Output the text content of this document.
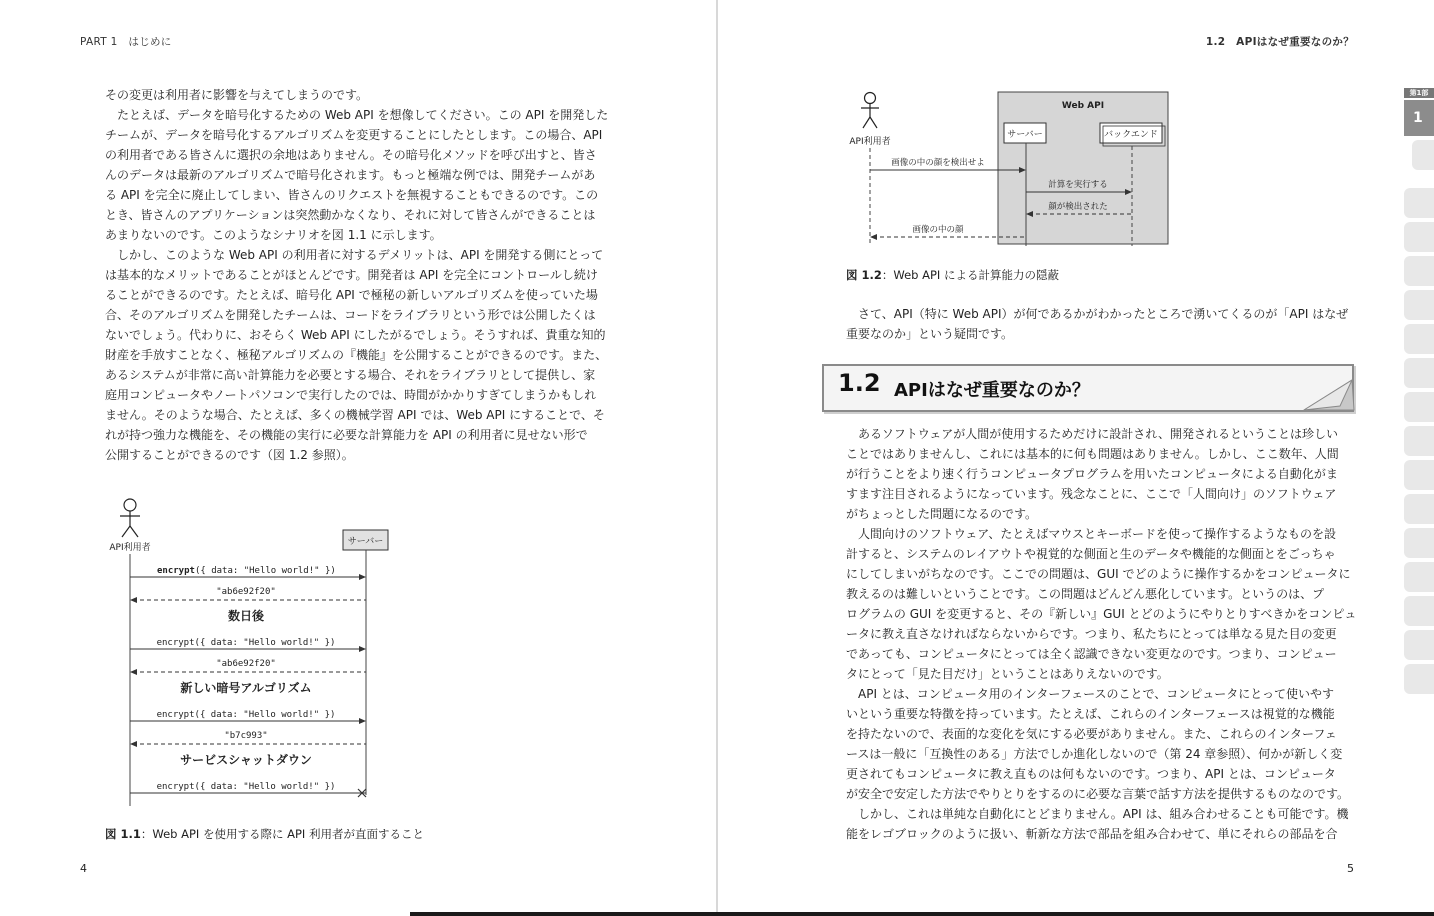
PART 1　はじめに

その変更は利用者に影響を与えてしまうのです。

　たとえば、データを暗号化するための Web API を想像してください。この API を開発した

チームが、データを暗号化するアルゴリズムを変更することにしたとします。この場合、API

の利用者である皆さんに選択の余地はありません。その暗号化メソッドを呼び出すと、皆さ

んのデータは最新のアルゴリズムで暗号化されます。もっと極端な例では、開発チームがあ

る API を完全に廃止してしまい、皆さんのリクエストを無視することもできるのです。この

とき、皆さんのアプリケーションは突然動かなくなり、それに対して皆さんができることは

あまりないのです。このようなシナリオを図 1.1 に示します。

　しかし、このような Web API の利用者に対するデメリットは、API を開発する側にとって

は基本的なメリットであることがほとんどです。開発者は API を完全にコントロールし続け

ることができるのです。たとえば、暗号化 API で極秘の新しいアルゴリズムを使っていた場

合、そのアルゴリズムを開発したチームは、コードをライブラリという形では公開したくは

ないでしょう。代わりに、おそらく Web API にしたがるでしょう。そうすれば、貴重な知的

財産を手放すことなく、極秘アルゴリズムの『機能』を公開することができるのです。また、

あるシステムが非常に高い計算能力を必要とする場合、それをライブラリとして提供し、家

庭用コンピュータやノートパソコンで実行したのでは、時間がかかりすぎてしまうかもしれ

ません。そのような場合、たとえば、多くの機械学習 API では、Web API にすることで、そ

れが持つ強力な機能を、その機能の実行に必要な計算能力を API の利用者に見せない形で

公開することができるのです（図 1.2 参照）。

API利用者
サーバー
encrypt({ data: "Hello world!" })
"ab6e92f20"
数日後
encrypt({ data: "Hello world!" })
"ab6e92f20"
新しい暗号アルゴリズム
encrypt({ data: "Hello world!" })
"b7c993"
サービスシャットダウン
encrypt({ data: "Hello world!" })
図 1.1：Web API を使用する際に API 利用者が直面すること
4
1.2　APIはなぜ重要なのか？
Web API
API利用者
サーバー	バックエンド
画像の中の顔を検出せよ
計算を実行する
顔が検出された
画像の中の顔
図 1.2：Web API による計算能力の隠蔽

　さて、API（特に Web API）が何であるかがわかったところで湧いてくるのが「API はなぜ

重要なのか」という疑問です。

1.2 APIはなぜ重要なのか？

　あるソフトウェアが人間が使用するためだけに設計され、開発されるということは珍しい

ことではありませんし、これには基本的に何も問題はありません。しかし、ここ数年、人間

が行うことをより速く行うコンピュータプログラムを用いたコンピュータによる自動化がま

すます注目されるようになっています。残念なことに、ここで「人間向け」のソフトウェア

がちょっとした問題になるのです。

　人間向けのソフトウェア、たとえばマウスとキーボードを使って操作するようなものを設

計すると、システムのレイアウトや視覚的な側面と生のデータや機能的な側面とをごっちゃ

にしてしまいがちなのです。ここでの問題は、GUI でどのように操作するかをコンピュータに

教えるのは難しいということです。この問題はどんどん悪化しています。というのは、プ

ログラムの GUI を変更すると、その『新しい』GUI とどのようにやりとりすべきかをコンピュ

ータに教え直さなければならないからです。つまり、私たちにとっては単なる見た目の変更

であっても、コンピュータにとっては全く認識できない変更なのです。つまり、コンピュー

タにとって「見た目だけ」ということはありえないのです。

　API とは、コンピュータ用のインターフェースのことで、コンピュータにとって使いやす

いという重要な特徴を持っています。たとえば、これらのインターフェースは視覚的な機能

を持たないので、表面的な変化を気にする必要がありません。また、これらのインターフェ

ースは一般に「互換性のある」方法でしか進化しないので（第 24 章参照）、何かが新しく変

更されてもコンピュータに教え直ものは何もないのです。つまり、API とは、コンピュータ

が安全で安定した方法でやりとりをするのに必要な言葉で話す方法を提供するものなのです。

　しかし、これは単純な自動化にとどまりません。API は、組み合わせることも可能です。機

能をレゴブロックのように扱い、斬新な方法で部品を組み合わせて、単にそれらの部品を合

5
第1部
1
